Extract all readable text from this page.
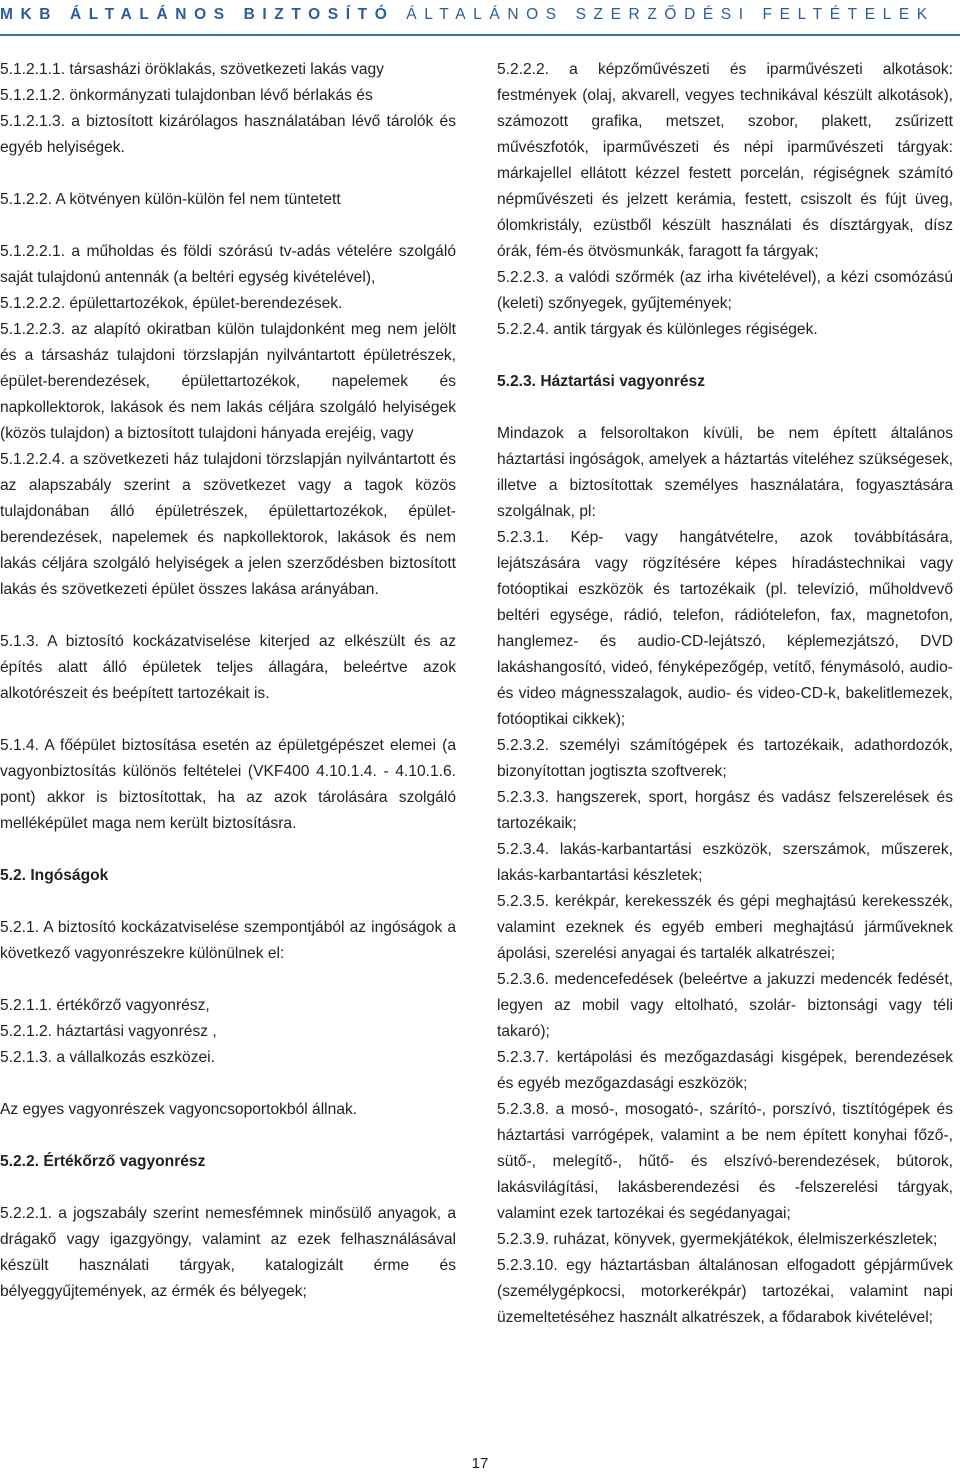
MKB ÁLTALÁNOS BIZTOSÍTÓ ÁLTALÁNOS SZERZŐDÉSI FELTÉTELEK

5.1.2.1.1. társasházi öröklakás, szövetkezeti lakás vagy

5.1.2.1.2. önkormányzati tulajdonban lévő bérlakás és

5.1.2.1.3. a biztosított kizárólagos használatában lévő tárolók és egyéb helyiségek.

5.1.2.2. A kötvényen külön-külön fel nem tüntetett

5.1.2.2.1. a műholdas és földi szórású tv-adás vételére szolgáló saját tulajdonú antennák (a beltéri egység kivételével),

5.1.2.2.2. épülettartozékok, épület-berendezések.

5.1.2.2.3. az alapító okiratban külön tulajdonként meg nem jelölt és a társasház tulajdoni törzslapján nyilvántartott épületrészek, épület-berendezések, épülettartozékok, napelemek és napkollektorok, lakások és nem lakás céljára szolgáló helyiségek (közös tulajdon) a biztosított tulajdoni hányada erejéig, vagy

5.1.2.2.4. a szövetkezeti ház tulajdoni törzslapján nyilvántartott és az alapszabály szerint a szövetkezet vagy a tagok közös tulajdonában álló épületrészek, épülettartozékok, épület-berendezések, napelemek és napkollektorok, lakások és nem lakás céljára szolgáló helyiségek a jelen szerződésben biztosított lakás és szövetkezeti épület összes lakása arányában.

5.1.3. A biztosító kockázatviselése kiterjed az elkészült és az építés alatt álló épületek teljes állagára, beleértve azok alkotórészeit és beépített tartozékait is.

5.1.4. A főépület biztosítása esetén az épületgépészet elemei (a vagyonbiztosítás különös feltételei (VKF400 4.10.1.4. - 4.10.1.6. pont) akkor is biztosítottak, ha az azok tárolására szolgáló melléképület maga nem került biztosításra.

5.2. Ingóságok

5.2.1. A biztosító kockázatviselése szempontjából az ingóságok a következő vagyonrészekre különülnek el:

5.2.1.1. értékőrző vagyonrész,

5.2.1.2. háztartási vagyonrész ,

5.2.1.3. a vállalkozás eszközei.

Az egyes vagyonrészek vagyoncsoportokból állnak.

5.2.2. Értékőrző vagyonrész

5.2.2.1. a jogszabály szerint nemesfémnek minősülő anyagok, a drágakő vagy igazgyöngy, valamint az ezek felhasználásával készült használati tárgyak, katalogizált érme és bélyeggyűjtemények, az érmék és bélyegek;

5.2.2.2. a képzőművészeti és iparművészeti alkotások: festmények (olaj, akvarell, vegyes technikával készült alkotások), számozott grafika, metszet, szobor, plakett, zsűrizett művészfotók, iparművészeti és népi iparművészeti tárgyak: márkajellel ellátott kézzel festett porcelán, régiségnek számító népművészeti és jelzett kerámia, festett, csiszolt és fújt üveg, ólomkristály, ezüstből készült használati és dísztárgyak, dísz órák, fém-és ötvösmunkák, faragott fa tárgyak;

5.2.2.3. a valódi szőrmék (az irha kivételével), a kézi csomózású (keleti) szőnyegek, gyűjtemények;

5.2.2.4. antik tárgyak és különleges régiségek.

5.2.3. Háztartási vagyonrész

Mindazok a felsoroltakon kívüli, be nem épített általános háztartási ingóságok, amelyek a háztartás viteléhez szükségesek, illetve a biztosítottak személyes használatára, fogyasztására szolgálnak, pl:

5.2.3.1. Kép- vagy hangátvételre, azok továbbítására, lejátszására vagy rögzítésére képes híradástechnikai vagy fotóoptikai eszközök és tartozékaik (pl. televízió, műholdvevő beltéri egysége, rádió, telefon, rádiótelefon, fax, magnetofon, hanglemez- és audio-CD-lejátszó, képlemezjátszó, DVD lakáshangosító, videó, fényképezőgép, vetítő, fénymásoló, audio- és video mágnesszalagok, audio- és video-CD-k, bakelitlemezek, fotóoptikai cikkek);

5.2.3.2. személyi számítógépek és tartozékaik, adathordozók, bizonyítottan jogtiszta szoftverek;

5.2.3.3. hangszerek, sport, horgász és vadász felszerelések és tartozékaik;

5.2.3.4. lakás-karbantartási eszközök, szerszámok, műszerek, lakás-karbantartási készletek;

5.2.3.5. kerékpár, kerekesszék és gépi meghajtású kerekesszék, valamint ezeknek és egyéb emberi meghajtású járműveknek ápolási, szerelési anyagai és tartalék alkatrészei;

5.2.3.6. medencefedések (beleértve a jakuzzi medencék fedését, legyen az mobil vagy eltolható, szolár- biztonsági vagy téli takaró);

5.2.3.7. kertápolási és mezőgazdasági kisgépek, berendezések és egyéb mezőgazdasági eszközök;

5.2.3.8. a mosó-, mosogató-, szárító-, porszívó, tisztítógépek és háztartási varrógépek, valamint a be nem épített konyhai főző-, sütő-, melegítő-, hűtő- és elszívó-berendezések, bútorok, lakásvilágítási, lakásberendezési és -felszerelési tárgyak, valamint ezek tartozékai és segédanyagai;

5.2.3.9. ruházat, könyvek, gyermekjátékok, élelmiszerkészletek;

5.2.3.10. egy háztartásban általánosan elfogadott gépjárművek (személygépkocsi, motorkerékpár) tartozékai, valamint napi üzemeltetéséhez használt alkatrészek, a fődarabok kivételével;

17
